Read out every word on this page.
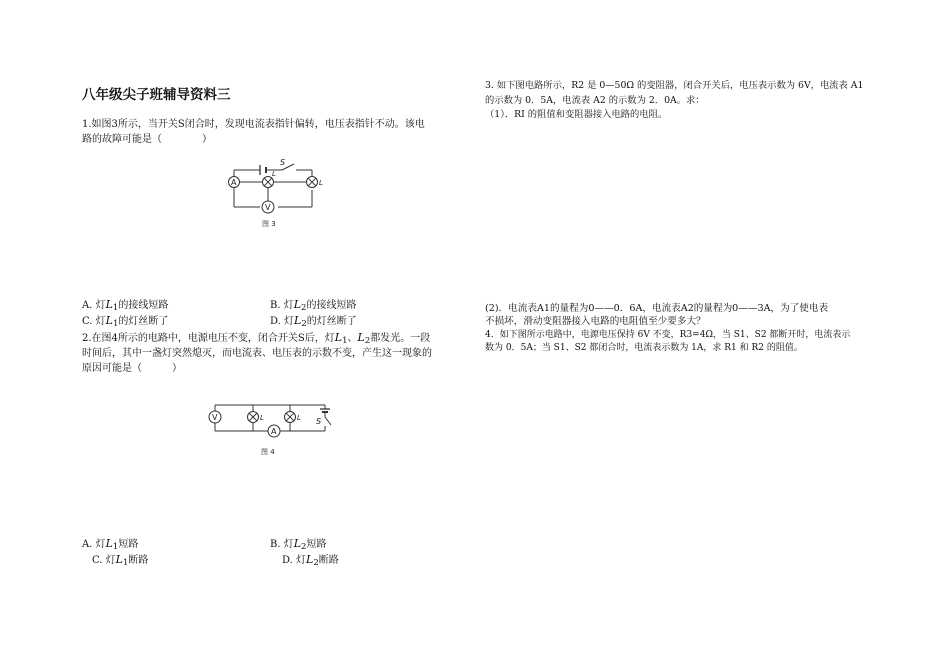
八年级尖子班辅导资料三
1.如图3所示，当开关S闭合时，发现电流表指针偏转，电压表指针不动。该电
路的故障可能是（　　　　）
A
V
S
L
L
图 3
A. 灯$L_1$的接线短路	B. 灯$L_2$的接线短路
C. 灯$L_1$的灯丝断了	D. 灯$L_2$的灯丝断了
2.在图4所示的电路中，电源电压不变，闭合开关S后，灯$L_1$、$L_2$都发光。一段
时间后，其中一盏灯突然熄灭，而电流表、电压表的示数不变，产生这一现象的
原因可能是（　　　）
V
A
L	L S
图 4
A. 灯$L_1$短路	B. 灯$L_2$短路
C. 灯$L_1$断路	D. 灯$L_2$断路
3. 如下图电路所示，R2 是 0—50Ω 的变阻器，闭合开关后，电压表示数为 6V，电流表 A1
的示数为 0．5A，电流表 A2 的示数为 2．0A。求：
（1）．RI 的阻值和变阻器接入电路的电阻。
(2)．电流表A1的量程为0——0．6A，电流表A2的量程为0——3A，为了使电表
不损坏，滑动变阻器接入电路的电阻值至少要多大？
4．如下图所示电路中，电源电压保持 6V 不变，R3=4Ω，当 S1、S2 都断开时，电流表示
数为 0．5A；当 S1、S2 都闭合时，电流表示数为 1A，求 R1 和 R2 的阻值。
